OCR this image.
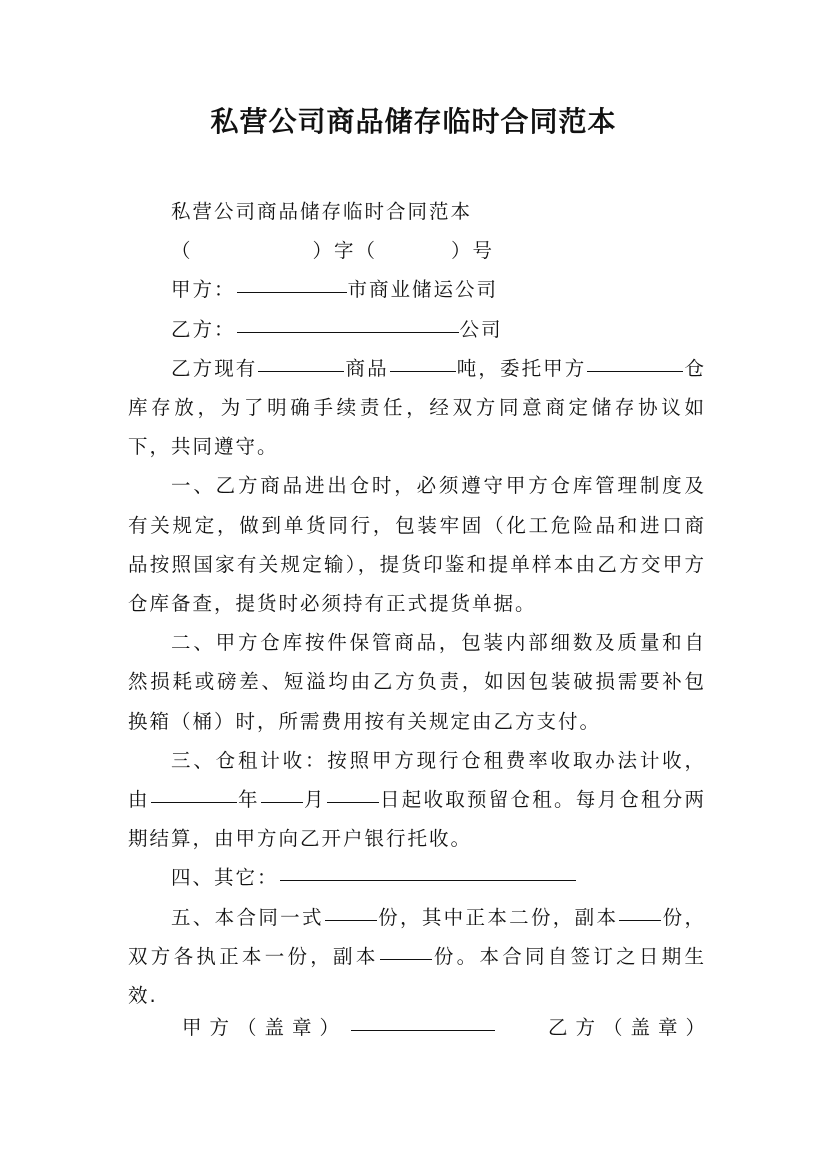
私营公司商品储存临时合同范本
私营公司商品储存临时合同范本
（	）字（	）号
甲方：	市商业储运公司
乙方：	公司
乙方现有	商品	吨，委托甲方	仓库存放，为了明确手续责任，经双方同意商定储存协议如下，共同遵守。
一、乙方商品进出仓时，必须遵守甲方仓库管理制度及有关规定，做到单货同行，包装牢固（化工危险品和进口商品按照国家有关规定输），提货印鉴和提单样本由乙方交甲方仓库备查，提货时必须持有正式提货单据。
二、甲方仓库按件保管商品，包装内部细数及质量和自然损耗或磅差、短溢均由乙方负责，如因包装破损需要补包换箱（桶）时，所需费用按有关规定由乙方支付。
三、仓租计收：按照甲方现行仓租费率收取办法计收，由	年 月	日起收取预留仓租。每月仓租分两期结算，由甲方向乙开户银行托收。
四、其它：
五、本合同一式	份，其中正本二份，副本 份，双方各执正本一份，副本	份。本合同自签订之日期生效.
甲方（盖章）	乙方（盖章）
